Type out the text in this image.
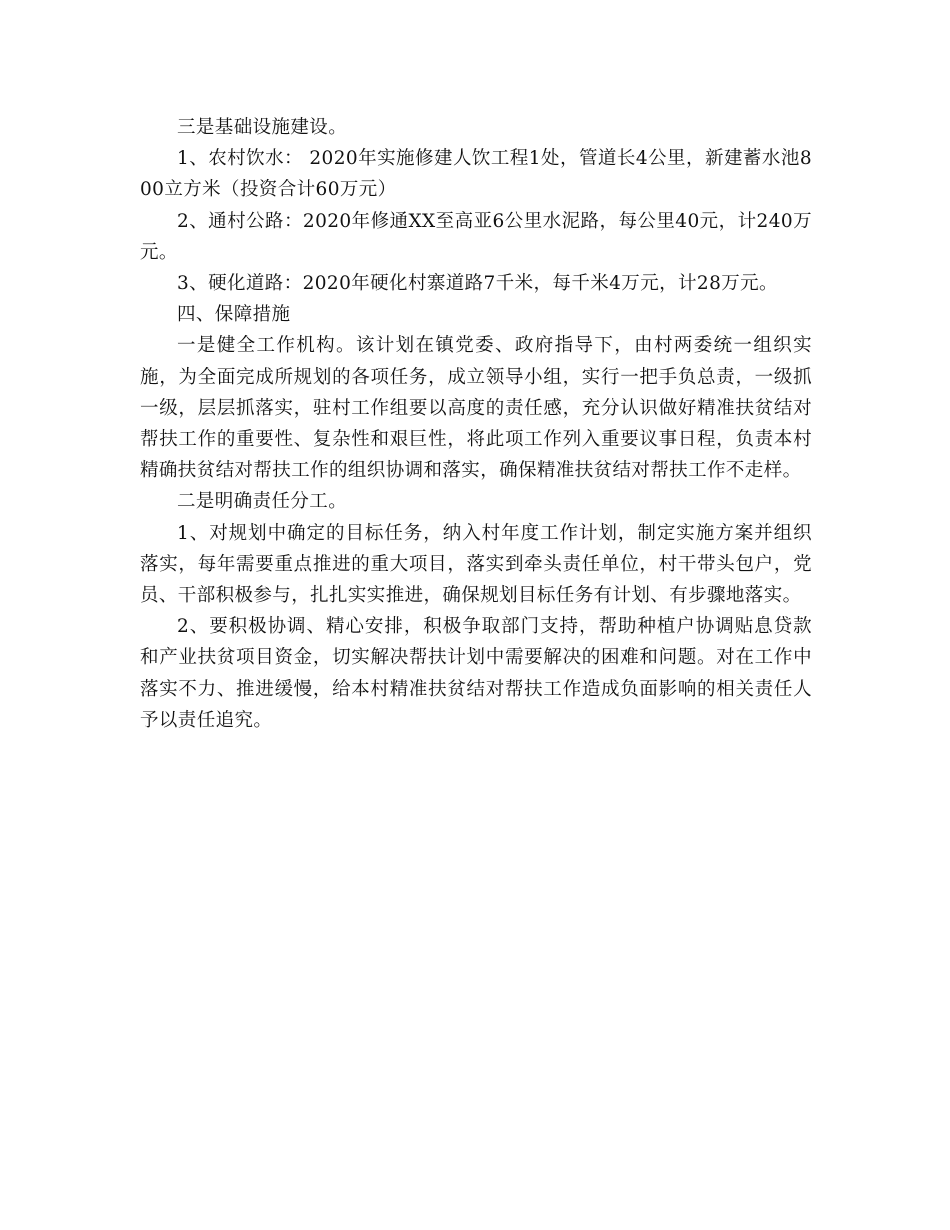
三是基础设施建设。

1、农村饮水： 2020年实施修建人饮工程1处，管道长4公里，新建蓄水池800立方米（投资合计60万元）

2、通村公路：2020年修通XX至高亚6公里水泥路，每公里40元，计240万元。

3、硬化道路：2020年硬化村寨道路7千米，每千米4万元，计28万元。

四、保障措施

一是健全工作机构。该计划在镇党委、政府指导下，由村两委统一组织实施，为全面完成所规划的各项任务，成立领导小组，实行一把手负总责，一级抓一级，层层抓落实，驻村工作组要以高度的责任感，充分认识做好精准扶贫结对帮扶工作的重要性、复杂性和艰巨性，将此项工作列入重要议事日程，负责本村精确扶贫结对帮扶工作的组织协调和落实，确保精准扶贫结对帮扶工作不走样。

二是明确责任分工。

1、对规划中确定的目标任务，纳入村年度工作计划，制定实施方案并组织落实，每年需要重点推进的重大项目，落实到牵头责任单位，村干带头包户，党员、干部积极参与，扎扎实实推进，确保规划目标任务有计划、有步骤地落实。

2、要积极协调、精心安排，积极争取部门支持，帮助种植户协调贴息贷款和产业扶贫项目资金，切实解决帮扶计划中需要解决的困难和问题。对在工作中落实不力、推进缓慢，给本村精准扶贫结对帮扶工作造成负面影响的相关责任人予以责任追究。
